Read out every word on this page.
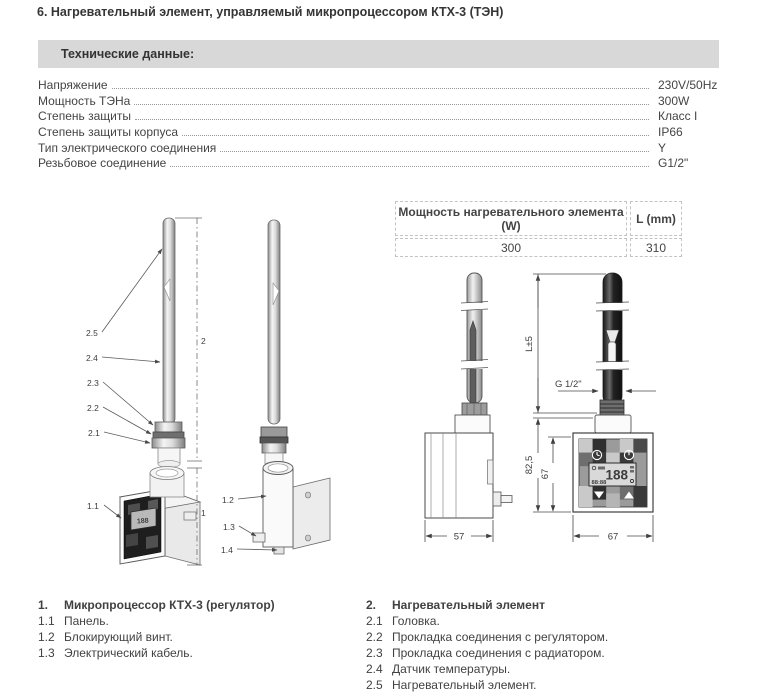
6. Нагревательный элемент, управляемый микропроцессором КТХ-3 (ТЭН)
Технические данные:
Напряжение	230V/50Hz
Мощность ТЭНа	300W
Степень защиты	Класс I
Степень защиты корпуса	IP66
Тип электрического соединения	Y
Резьбовое соединение	G1/2"
Мощность нагревательного элемента (W)	L (mm)
300	310
188
2
1
2.5
2.4
2.3
2.2
2.1
1.1
1.2
1.3
1.4
188
88:88
L±5
G 1/2"
82,5 67
57	67
1.	Микропроцессор КТХ-3 (регулятор)
1.1 Панель.
1.2 Блокирующий винт.
1.3 Электрический кабель.
2.	Нагревательный элемент
2.1 Головка.
2.2 Прокладка соединения с регулятором.
2.3 Прокладка соединения с радиатором.
2.4 Датчик температуры.
2.5 Нагревательный элемент.
